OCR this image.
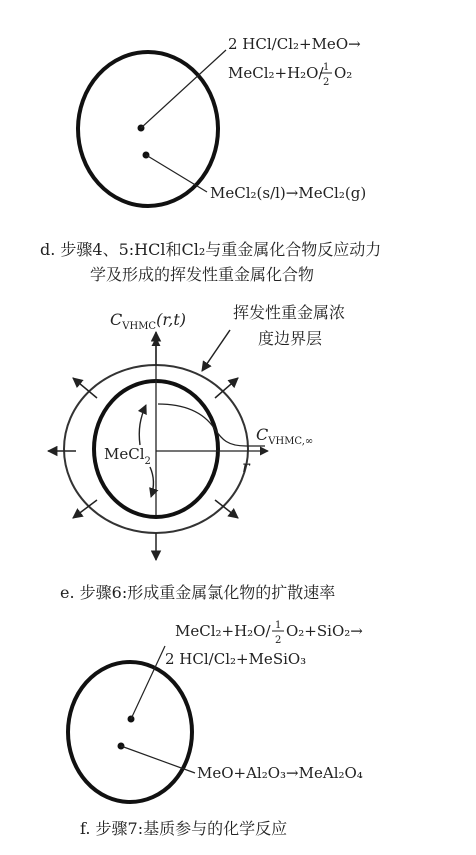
2 HCl/Cl₂+MeO→
MeCl₂+H₂O/ 1
2
O₂
MeCl₂(s/l)→MeCl₂(g)
d. 步骤4、5:HCl和Cl₂与重金属化合物反应动力
学及形成的挥发性重金属化合物
$C_{VHMC}(r,t)$	挥发性重金属浓
度边界层
$C_{VHMC,\infty}$
r
MeCl$_2$
e. 步骤6:形成重金属氯化物的扩散速率
MeCl₂+H₂O/ 1
2
O₂+SiO₂→
2 HCl/Cl₂+MeSiO₃
MeO+Al₂O₃→MeAl₂O₄
f. 步骤7:基质参与的化学反应
